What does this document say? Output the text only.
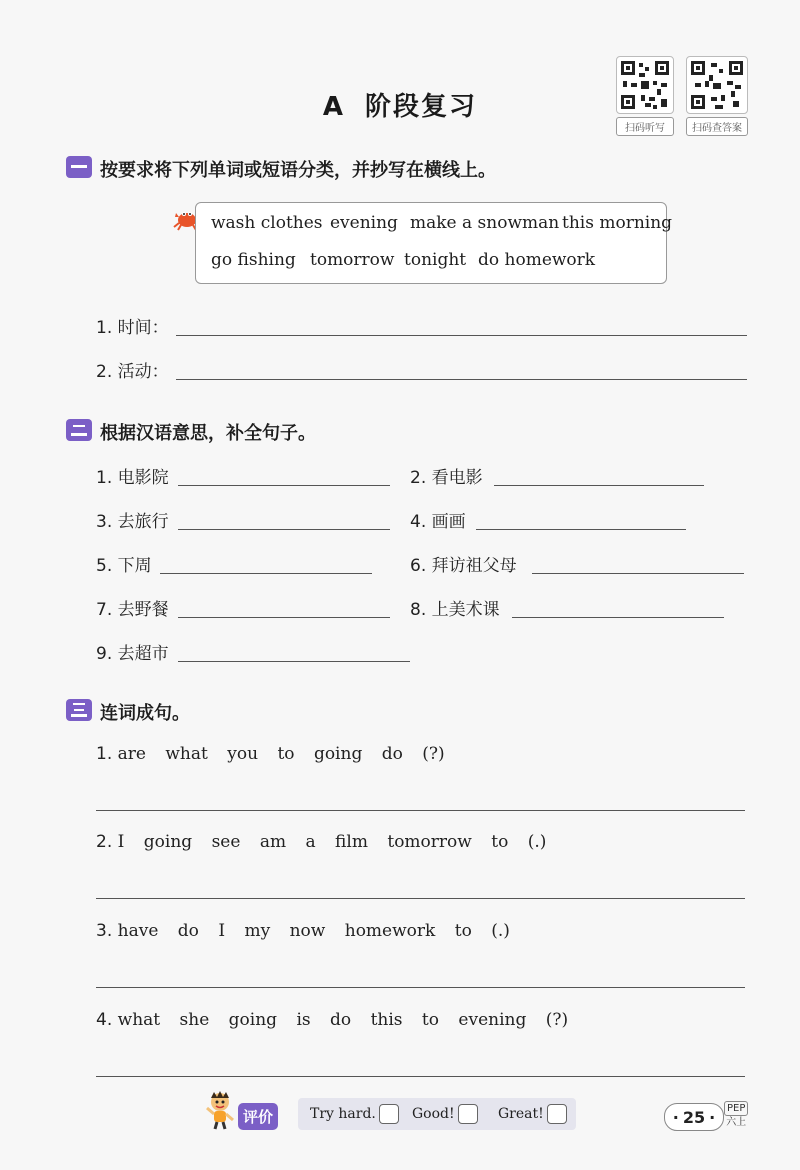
A 阶段复习
扫码听写	扫码查答案
按要求将下列单词或短语分类，并抄写在横线上。
wash clothes evening make a snowman this morning
go fishing tomorrow tonight do homework
1. 时间：
2. 活动：
根据汉语意思，补全句子。
1. 电影院	2. 看电影
3. 去旅行	4. 画画
5. 下周	6. 拜访祖父母
7. 去野餐	8. 上美术课
9. 去超市
连词成句。
1. are what you to going do (?)
2. I going see am a film tomorrow to (.)
3. have do I my now homework to (.)
4. what she going is do this to evening (?)
评价	Try hard.	Good!	Great!	· 25 ·	PEP
六上
